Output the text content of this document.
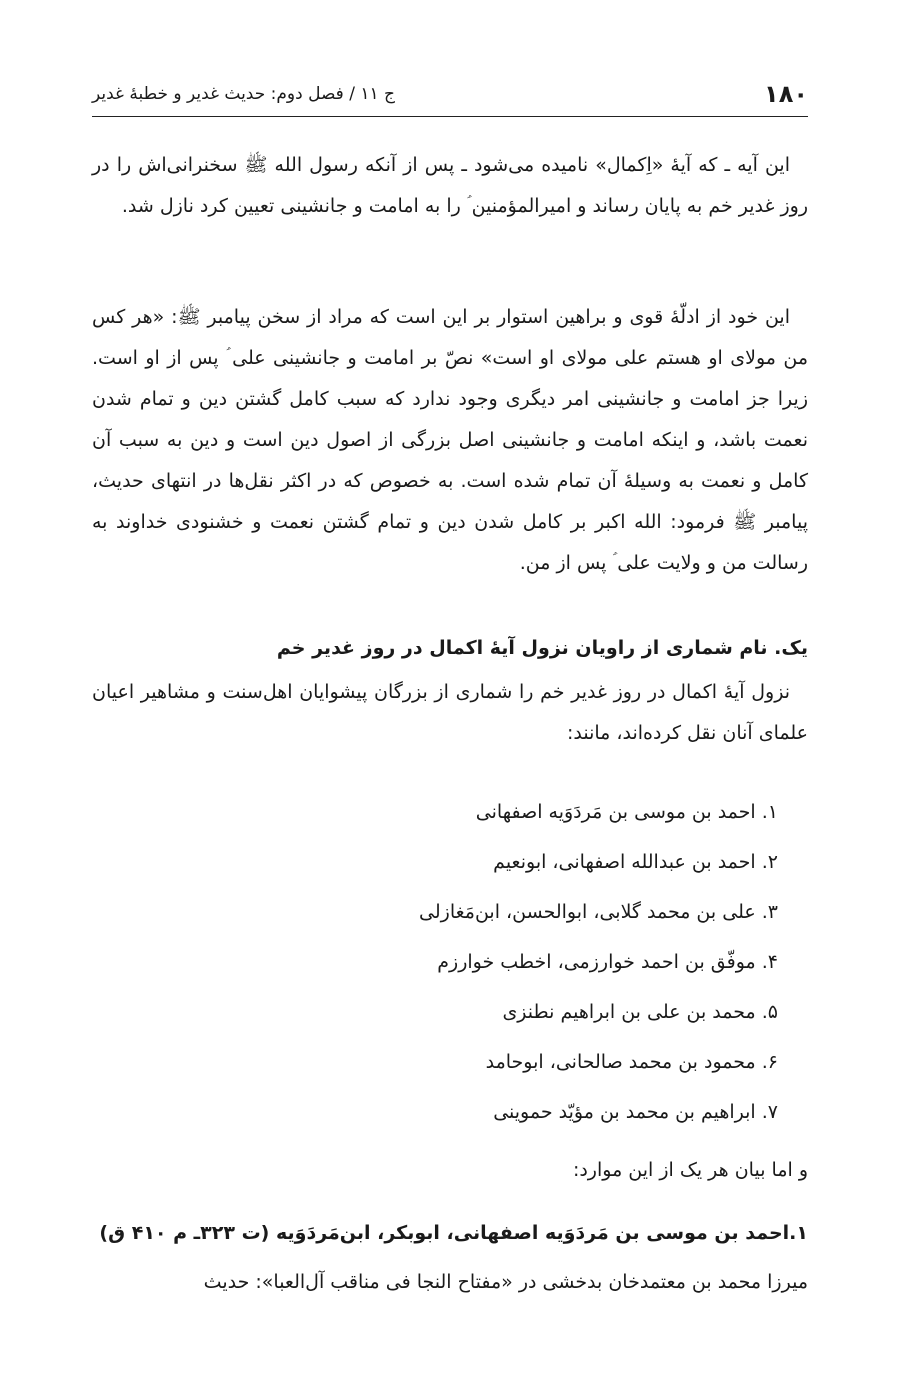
۱۸۰
ج ۱۱ / فصل دوم: حدیث غدیر و خطبهٔ غدیر

این آیه ـ که آیهٔ «اِکمال» نامیده می‌شود ـ پس از آنکه رسول الله ﷺ سخنرانی‌اش را در روز غدیر خم به پایان رساند و امیرالمؤمنین ؑ را به امامت و جانشینی تعیین کرد نازل شد.

این خود از ادلّهٔ قوی و براهین استوار بر این است که مراد از سخن پیامبر ﷺ: «هر کس من مولای او هستم علی مولای او است» نصّ بر امامت و جانشینی علی ؑ پس از او است. زیرا جز امامت و جانشینی امر دیگری وجود ندارد که سبب کامل گشتن دین و تمام شدن نعمت باشد، و اینکه امامت و جانشینی اصل بزرگی از اصول دین است و دین به سبب آن کامل و نعمت به وسیلهٔ آن تمام شده است. به خصوص که در اکثر نقل‌ها در انتهای حدیث، پیامبر ﷺ فرمود: الله اکبر بر کامل شدن دین و تمام گشتن نعمت و خشنودی خداوند به رسالت من و ولایت علی ؑ پس از من.

یک. نام شماری از راویان نزول آیهٔ اکمال در روز غدیر خم

نزول آیهٔ اکمال در روز غدیر خم را شماری از بزرگان پیشوایان اهل‌سنت و مشاهیر اعیان علمای آنان نقل کرده‌اند، مانند:

۱. احمد بن موسی بن مَردَوَیه اصفهانی
۲. احمد بن عبدالله اصفهانی، ابونعیم
۳. علی بن محمد گلابی، ابوالحسن، ابن‌مَغازلی
۴. موفّق بن احمد خوارزمی، اخطب خوارزم
۵. محمد بن علی بن ابراهیم نطنزی
۶. محمود بن محمد صالحانی، ابوحامد
۷. ابراهیم بن محمد بن مؤیّد حموینی

و اما بیان هر یک از این موارد:

۱.احمد بن موسی بن مَردَوَیه اصفهانی، ابوبکر، ابن‌مَردَوَیه (ت ۳۲۳ـ م ۴۱۰ ق)

میرزا محمد بن معتمدخان بدخشی در «مفتاح النجا فی مناقب آل‌العبا»: حدیث
